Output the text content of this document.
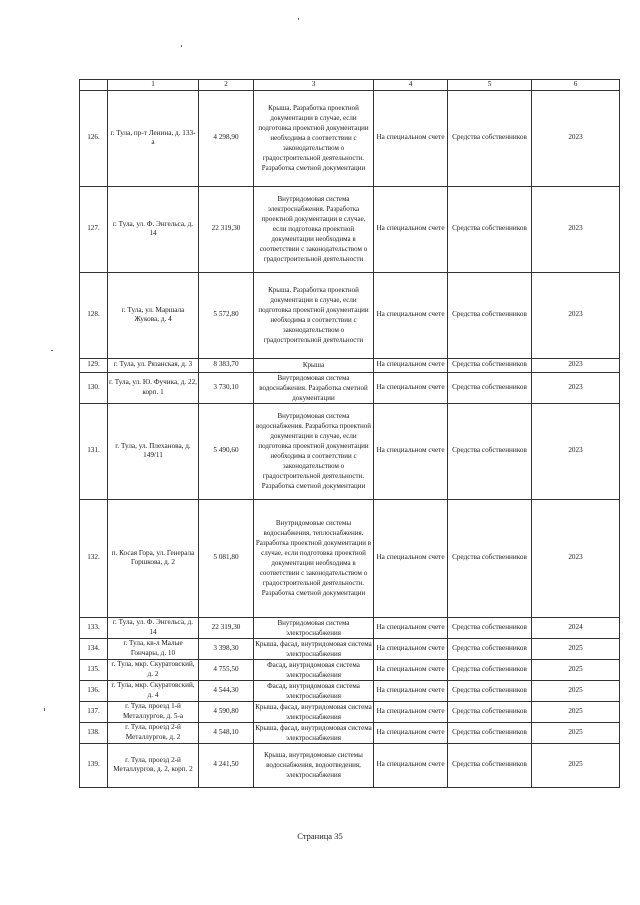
	1	2	3	4	5	6
126.	г. Тула, пр-т Ленина, д. 133-а	4 298,90	Крыша. Разработка проектной документации в случае, если подготовка проектной документации необходима в соответствии с законодательством о градостроительной деятельности. Разработка сметной документации	На специальном счете	Средства собственников	2023
127.	г. Тула, ул. Ф. Энгельса, д. 14	22 319,30	Внутридомовая система электроснабжения. Разработка проектной документации в случае, если подготовка проектной документации необходима в соответствии с законодательством о градостроительной деятельности	На специальном счете	Средства собственников	2023
128.	г. Тула, ул. Маршала Жукова, д. 4	5 572,80	Крыша. Разработка проектной документации в случае, если подготовка проектной документации необходима в соответствии с законодательством о градостроительной деятельности	На специальном счете	Средства собственников	2023
129.	г. Тула, ул. Рязанская, д. 3	8 383,70	Крыша	На специальном счете	Средства собственников	2023
130.	г. Тула, ул. Ю. Фучика, д. 22, корп. 1	3 730,10	Внутридомовая система водоснабжения. Разработка сметной документации	На специальном счете	Средства собственников	2023
131.	г. Тула, ул. Плеханова, д. 149/11	5 490,60	Внутридомовая система водоснабжения. Разработка проектной документации в случае, если подготовка проектной документации необходима в соответствии с законодательством о градостроительной деятельности. Разработка сметной документации	На специальном счете	Средства собственников	2023
132.	п. Косая Гора, ул. Генерала Горшкова, д. 2	5 081,80	Внутридомовые системы водоснабжения, теплоснабжения. Разработка проектной документации в случае, если подготовка проектной документации необходима в соответствии с законодательством о градостроительной деятельности. Разработка сметной документации	На специальном счете	Средства собственников	2023
133.	г. Тула, ул. Ф. Энгельса, д. 14	22 319,30	Внутридомовая система электроснабжения	На специальном счете	Средства собственников	2024
134.	г. Тула, кв-л Малые Гончары, д. 10	3 398,30	Крыша, фасад, внутридомовая система электроснабжения	На специальном счете	Средства собственников	2025
135.	г. Тула, мкр. Скуратовский, д. 2	4 755,50	Фасад, внутридомовая система электроснабжения	На специальном счете	Средства собственников	2025
136.	г. Тула, мкр. Скуратовский, д. 4	4 544,30	Фасад, внутридомовая система электроснабжения	На специальном счете	Средства собственников	2025
137.	г. Тула, проезд 1-й Металлургов, д. 5-а	4 590,80	Крыша, фасад, внутридомовая система электроснабжения	На специальном счете	Средства собственников	2025
138.	г. Тула, проезд 2-й Металлургов, д. 2	4 548,10	Крыша, фасад, внутридомовая система электроснабжения	На специальном счете	Средства собственников	2025
139.	г. Тула, проезд 2-й Металлургов, д. 2, корп. 2	4 241,50	Крыша, внутридомовые системы водоснабжения, водоотведения, электроснабжения	На специальном счете	Средства собственников	2025
Страница 35
